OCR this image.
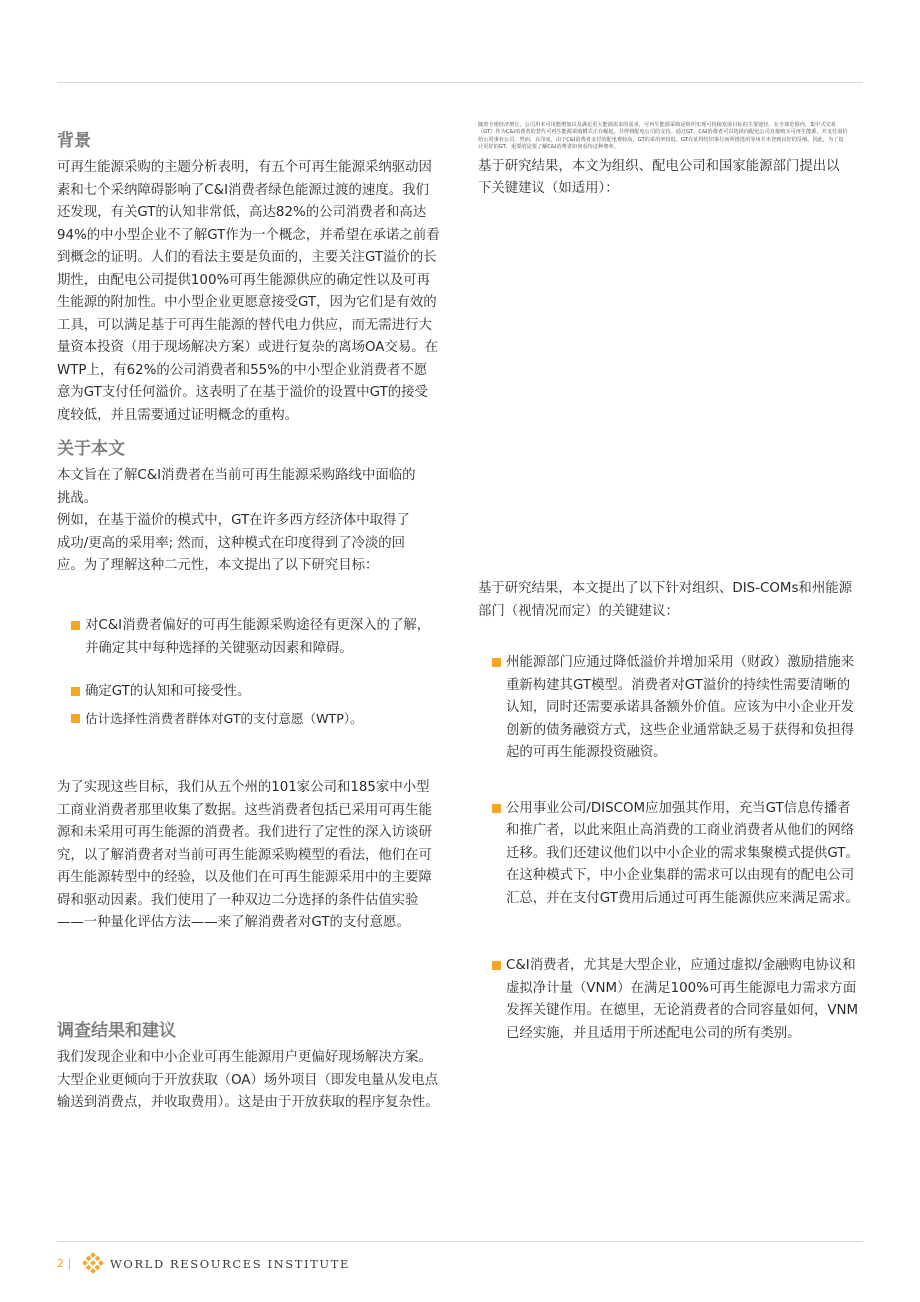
背景

可再生能源采购的主题分析表明，有五个可再生能源采纳驱动因素和七个采纳障碍影响了C&I消费者绿色能源过渡的速度。我们还发现，有关GT的认知非常低，高达82%的公司消费者和高达94%的中小型企业不了解GT作为一个概念，并希望在承诺之前看到概念的证明。人们的看法主要是负面的，主要关注GT溢价的长期性，由配电公司提供100%可再生能源供应的确定性以及可再生能源的附加性。中小型企业更愿意接受GT，因为它们是有效的工具，可以满足基于可再生能源的替代电力供应，而无需进行大量资本投资（用于现场解决方案）或进行复杂的离场OA交易。在WTP上，有62%的公司消费者和55%的中小型企业消费者不愿意为GT支付任何溢价。这表明了在基于溢价的设置中GT的接受度较低，并且需要通过证明概念的重构。

关于本文

本文旨在了解C&I消费者在当前可再生能源采购路线中面临的挑战。

例如，在基于溢价的模式中，GT在许多西方经济体中取得了成功/更高的采用率; 然而，这种模式在印度得到了冷淡的回应。为了理解这种二元性，本文提出了以下研究目标：

对C&I消费者偏好的可再生能源采购途径有更深入的了解，并确定其中每种选择的关键驱动因素和障碍。
确定GT的认知和可接受性。
估计选择性消费者群体对GT的支付意愿（WTP）。

为了实现这些目标，我们从五个州的101家公司和185家中小型工商业消费者那里收集了数据。这些消费者包括已采用可再生能源和未采用可再生能源的消费者。我们进行了定性的深入访谈研究，以了解消费者对当前可再生能源采购模型的看法，他们在可再生能源转型中的经验，以及他们在可再生能源采用中的主要障碍和驱动因素。我们使用了一种双边二分选择的条件估值实验——一种量化评估方法——来了解消费者对GT的支付意愿。

调查结果和建议

我们发现企业和中小企业可再生能源用户更偏好现场解决方案。大型企业更倾向于开放获取（OA）场外项目（即发电量从发电点输送到消费点，并收取费用）。这是由于开放获取的程序复杂性。

随着全球经济增长，公司用本可用能增加以及满足更大能源需求的需求，可再生能源采购是组织实现可持续发展目标的主要途径。在全球范围内，集中式交易（GT）作为C&I消费者的替代可再生能源采购模式正在崛起，并得到配电公司的支持。通过GT，C&I消费者可以选择向配电公司直接购买可再生能源，并支付溢价给公用事业公司。然而，在印度，由于C&I消费者支付的配电费较高，GT的采用率较低。GT在某得结识事行而所推选用等州并未登到良好的反响。因此，为了设计更好的GT，重要的是要了解C&I消费者如何看待这种费率。

基于研究结果，本文为组织、配电公司和国家能源部门提出以下关键建议（如适用）：

基于研究结果，本文提出了以下针对组织、DIS-COMs和州能源部门（视情况而定）的关键建议：

州能源部门应通过降低溢价并增加采用（财政）激励措施来重新构建其GT模型。消费者对GT溢价的持续性需要清晰的认知，同时还需要承诺具备额外价值。应该为中小企业开发创新的债务融资方式，这些企业通常缺乏易于获得和负担得起的可再生能源投资融资。
公用事业公司/DISCOM应加强其作用，充当GT信息传播者和推广者，以此来阻止高消费的工商业消费者从他们的网络迁移。我们还建议他们以中小企业的需求集聚模式提供GT。在这种模式下，中小企业集群的需求可以由现有的配电公司汇总，并在支付GT费用后通过可再生能源供应来满足需求。
C&I消费者，尤其是大型企业，应通过虚拟/金融购电协议和虚拟净计量（VNM）在满足100%可再生能源电力需求方面发挥关键作用。在德里，无论消费者的合同容量如何，VNM已经实施，并且适用于所述配电公司的所有类别。
2 |	WORLD RESOURCES INSTITUTE
